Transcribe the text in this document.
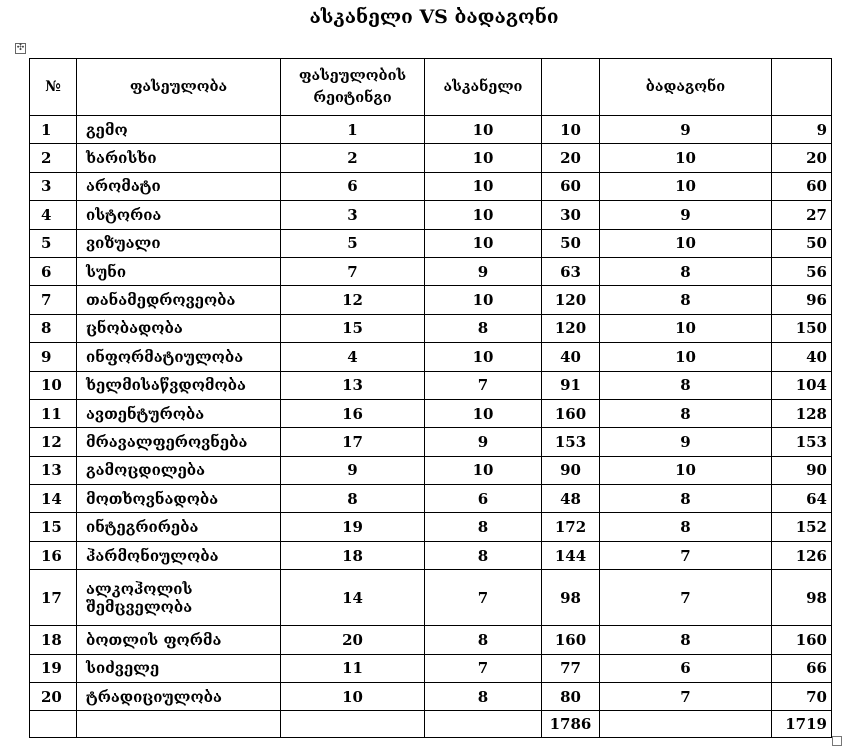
ასკანელი VS ბადაგონი
✣
№	ფასეულობა	ფასეულობის რეიტინგი	ასკანელი		ბადაგონი	
1	გემო	1	10	10	9	9
2	ხარისხი	2	10	20	10	20
3	არომატი	6	10	60	10	60
4	ისტორია	3	10	30	9	27
5	ვიზუალი	5	10	50	10	50
6	სუნი	7	9	63	8	56
7	თანამედროვეობა	12	10	120	8	96
8	ცნობადობა	15	8	120	10	150
9	ინფორმატიულობა	4	10	40	10	40
10	ხელმისაწვდომობა	13	7	91	8	104
11	ავთენტურობა	16	10	160	8	128
12	მრავალფეროვნება	17	9	153	9	153
13	გამოცდილება	9	10	90	10	90
14	მოთხოვნადობა	8	6	48	8	64
15	ინტეგრირება	19	8	172	8	152
16	ჰარმონიულობა	18	8	144	7	126
17	ალკოჰოლის შემცველობა	14	7	98	7	98
18	ბოთლის ფორმა	20	8	160	8	160
19	სიძველე	11	7	77	6	66
20	ტრადიციულობა	10	8	80	7	70
				1786		1719
